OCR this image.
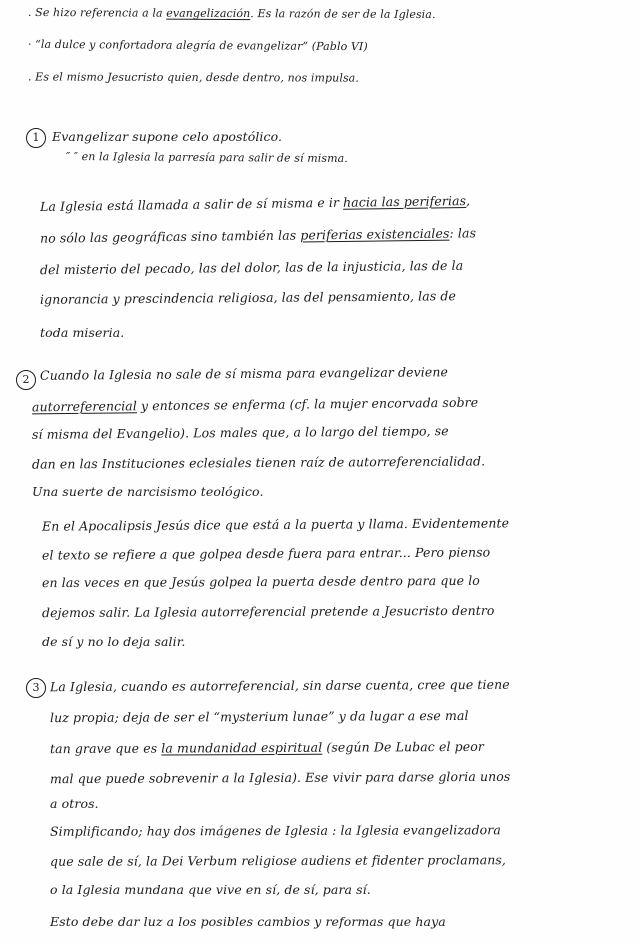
. Se hizo referencia a la evangelización. Es la razón de ser de la Iglesia.
· “la dulce y confortadora alegría de evangelizar” (Pablo VI)
. Es el mismo Jesucristo quien, desde dentro, nos impulsa.
1	Evangelizar supone celo apostólico.
″ ″ en la Iglesia la parresía para salir de sí misma.
La Iglesia está llamada a salir de sí misma e ir hacia las periferias,
no sólo las geográficas sino también las periferias existenciales: las
del misterio del pecado, las del dolor, las de la injusticia, las de la
ignorancia y prescindencia religiosa, las del pensamiento, las de
toda miseria.
2 Cuando la Iglesia no sale de sí misma para evangelizar deviene
autorreferencial y entonces se enferma (cf. la mujer encorvada sobre
sí misma del Evangelio). Los males que, a lo largo del tiempo, se
dan en las Instituciones eclesiales tienen raíz de autorreferencialidad.
Una suerte de narcisismo teológico.
En el Apocalipsis Jesús dice que está a la puerta y llama. Evidentemente
el texto se refiere a que golpea desde fuera para entrar... Pero pienso
en las veces en que Jesús golpea la puerta desde dentro para que lo
dejemos salir. La Iglesia autorreferencial pretende a Jesucristo dentro
de sí y no lo deja salir.
3 La Iglesia, cuando es autorreferencial, sin darse cuenta, cree que tiene
luz propia; deja de ser el “mysterium lunae” y da lugar a ese mal
tan grave que es la mundanidad espiritual (según De Lubac el peor
mal que puede sobrevenir a la Iglesia). Ese vivir para darse gloria unos
a otros.
Simplificando; hay dos imágenes de Iglesia : la Iglesia evangelizadora
que sale de sí, la Dei Verbum religiose audiens et fidenter proclamans,
o la Iglesia mundana que vive en sí, de sí, para sí.
Esto debe dar luz a los posibles cambios y reformas que haya
